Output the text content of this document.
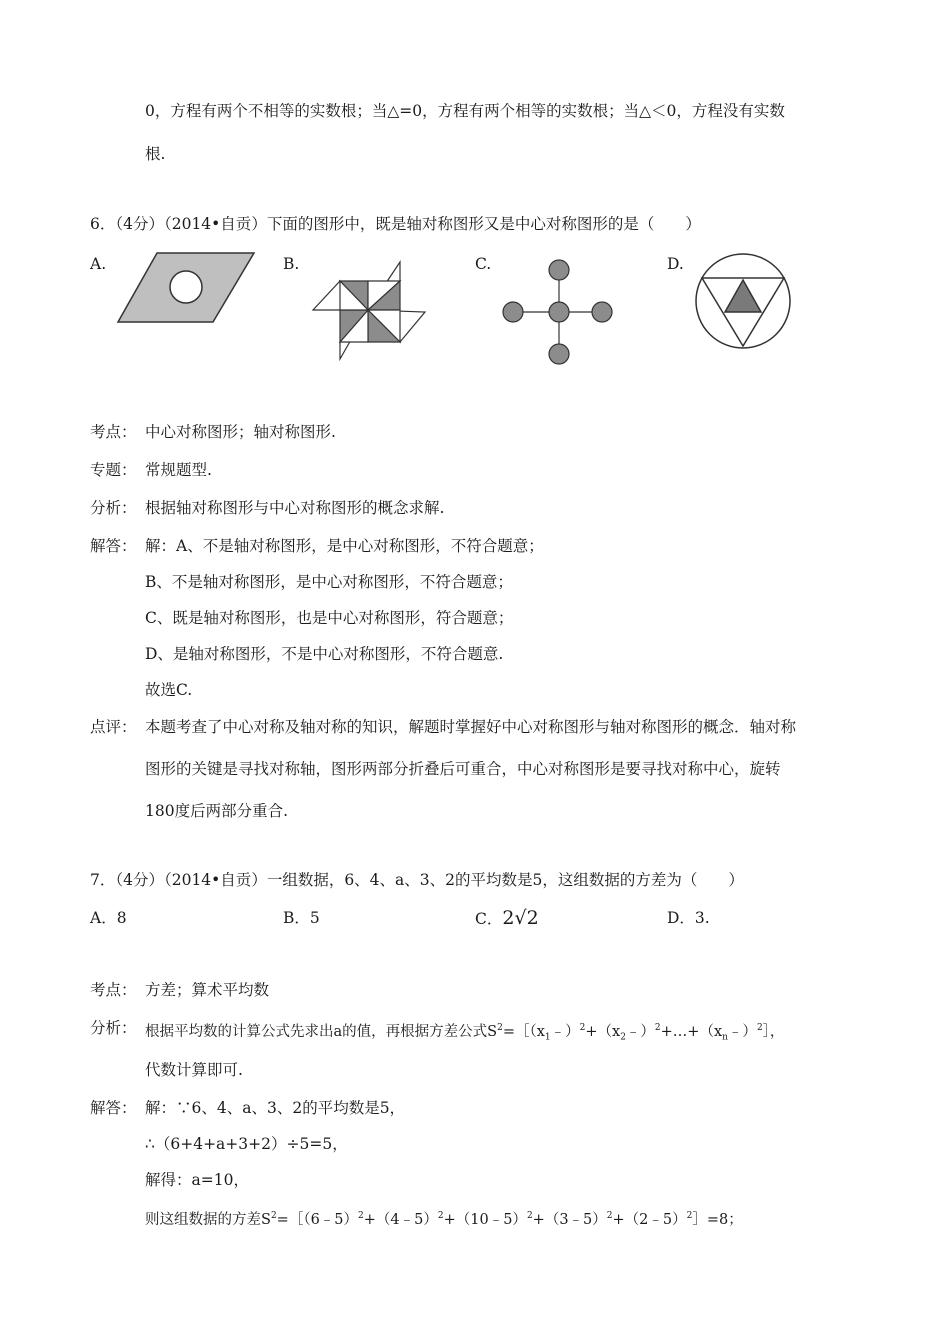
0，方程有两个不相等的实数根；当△=0，方程有两个相等的实数根；当△＜0，方程没有实数
根.
6．（4分）（2014•自贡）下面的图形中，既是轴对称图形又是中心对称图形的是（　　）
A.	B.	C.	D.
考点： 中心对称图形；轴对称图形.
专题： 常规题型.
分析： 根据轴对称图形与中心对称图形的概念求解.
解答： 解：A、不是轴对称图形，是中心对称图形，不符合题意；
B、不是轴对称图形，是中心对称图形，不符合题意；
C、既是轴对称图形，也是中心对称图形，符合题意；
D、是轴对称图形，不是中心对称图形，不符合题意.
故选C.
点评： 本题考查了中心对称及轴对称的知识，解题时掌握好中心对称图形与轴对称图形的概念．轴对称
图形的关键是寻找对称轴，图形两部分折叠后可重合，中心对称图形是要寻找对称中心，旋转
180度后两部分重合.
7．（4分）（2014•自贡）一组数据，6、4、a、3、2的平均数是5，这组数据的方差为（　　）
A．8	B．5	C．2√2	D．3.
考点： 方差；算术平均数
分析： 根据平均数的计算公式先求出a的值，再根据方差公式$S^2=[(x_1﹣)^2+(x_2﹣)^2+\dots+(x_n﹣)^2]$，
代数计算即可.
解答： 解：∵6、4、a、3、2的平均数是5，
∴（6+4+a+3+2）÷5=5，
解得：a=10，
则这组数据的方差$S^2=[(6﹣5)^2+(4﹣5)^2+(10﹣5)^2+(3﹣5)^2+(2﹣5)^2]=8$；
